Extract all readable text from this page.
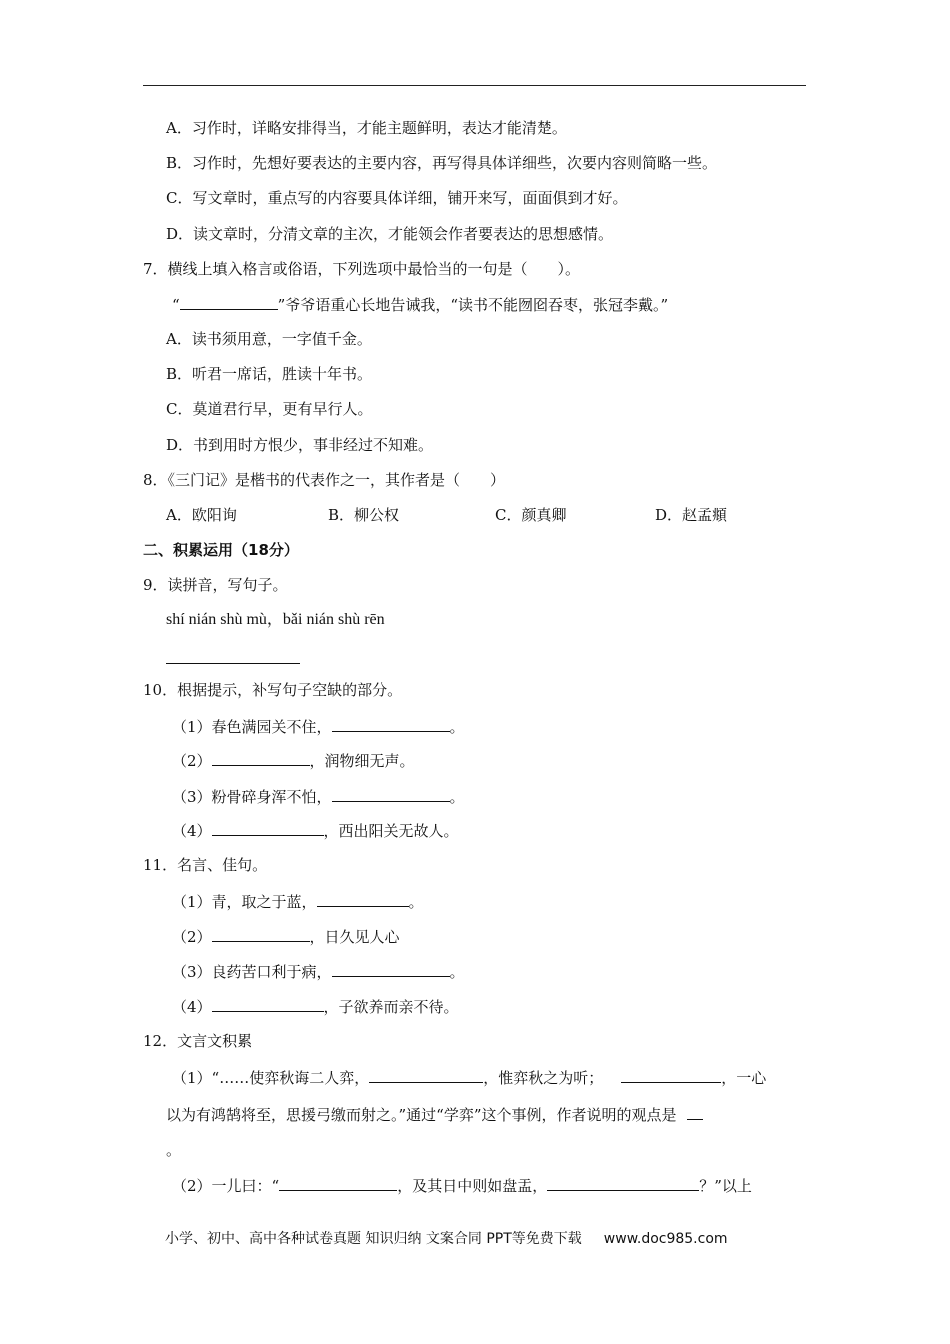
A．习作时，详略安排得当，才能主题鲜明，表达才能清楚。
B．习作时，先想好要表达的主要内容，再写得具体详细些，次要内容则简略一些。
C．写文章时，重点写的内容要具体详细，铺开来写，面面俱到才好。
D．读文章时，分清文章的主次，才能领会作者要表达的思想感情。
7．横线上填入格言或俗语，下列选项中最恰当的一句是（　　）。
“	”爷爷语重心长地告诫我，“读书不能囫囵吞枣，张冠李戴。”
A．读书须用意，一字值千金。
B．听君一席话，胜读十年书。
C．莫道君行早，更有早行人。
D．书到用时方恨少，事非经过不知难。
8．《三门记》是楷书的代表作之一，其作者是（　　）
A．欧阳询	B．柳公权	C．颜真卿	D．赵孟頫
二、积累运用（18分）
9．读拼音，写句子。
shí nián shù mù，bǎi nián shù rēn
10．根据提示，补写句子空缺的部分。
（1）春色满园关不住，	。
（2）	，润物细无声。
（3）粉骨碎身浑不怕，	。
（4）	，西出阳关无故人。
11．名言、佳句。
（1）青，取之于蓝，	。
（2）	，日久见人心
（3）良药苦口利于病，	。
（4）	，子欲养而亲不待。
12．文言文积累
（1）“……使弈秋诲二人弈，	，惟弈秋之为听；	，一心
以为有鸿鹄将至，思援弓缴而射之。”通过“学弈”这个事例，作者说明的观点是
。
（2）一儿曰：“	，及其日中则如盘盂，	？”以上
小学、初中、高中各种试卷真题 知识归纳 文案合同 PPT等免费下载 www.doc985.com
